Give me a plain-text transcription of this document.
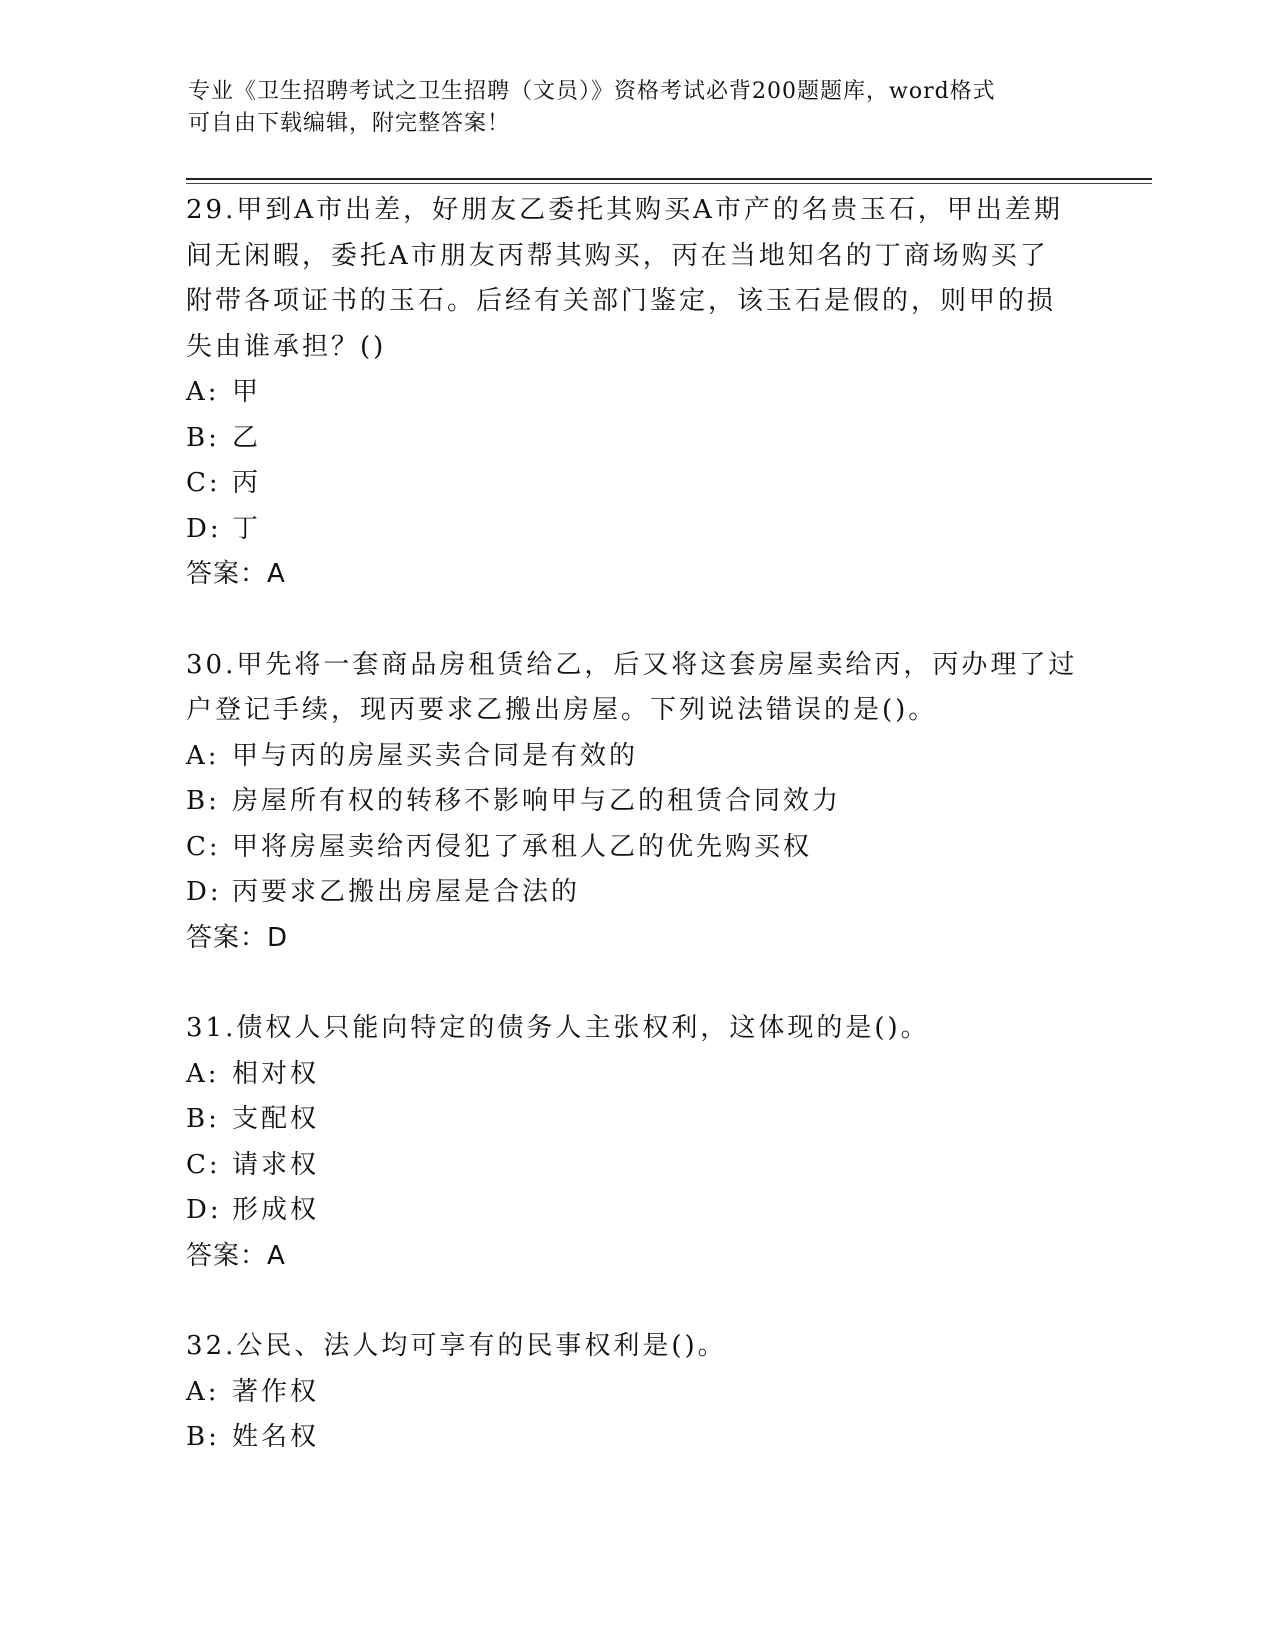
专业《卫生招聘考试之卫生招聘（文员）》资格考试必背200题题库，word格式
可自由下载编辑，附完整答案！

29.甲到A市出差，好朋友乙委托其购买A市产的名贵玉石，甲出差期

间无闲暇，委托A市朋友丙帮其购买，丙在当地知名的丁商场购买了

附带各项证书的玉石。后经有关部门鉴定，该玉石是假的，则甲的损

失由谁承担？()

A: 甲

B: 乙

C: 丙

D: 丁

答案：A

30.甲先将一套商品房租赁给乙，后又将这套房屋卖给丙，丙办理了过

户登记手续，现丙要求乙搬出房屋。下列说法错误的是()。

A: 甲与丙的房屋买卖合同是有效的

B: 房屋所有权的转移不影响甲与乙的租赁合同效力

C: 甲将房屋卖给丙侵犯了承租人乙的优先购买权

D: 丙要求乙搬出房屋是合法的

答案：D

31.债权人只能向特定的债务人主张权利，这体现的是()。

A: 相对权

B: 支配权

C: 请求权

D: 形成权

答案：A

32.公民、法人均可享有的民事权利是()。

A: 著作权

B: 姓名权
